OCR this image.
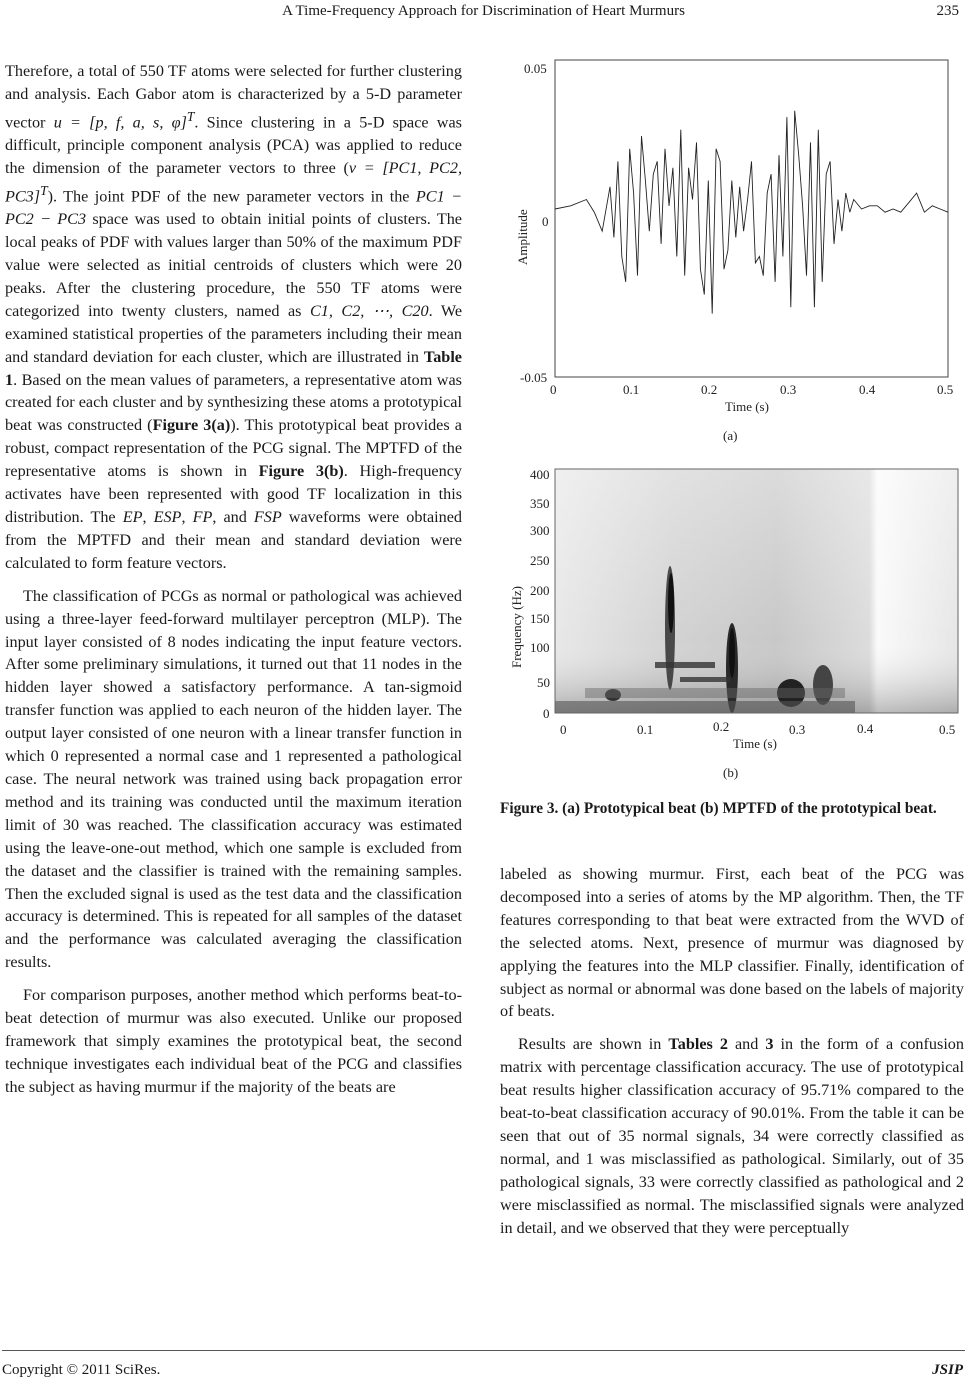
A Time-Frequency Approach for Discrimination of Heart Murmurs	235

Therefore, a total of 550 TF atoms were selected for further clustering and analysis. Each Gabor atom is characterized by a 5-D parameter vector u = [p, f, a, s, φ]$^T$. Since clustering in a 5-D space was difficult, principle component analysis (PCA) was applied to reduce the dimension of the parameter vectors to three (v = [PC1, PC2, PC3]$^T$). The joint PDF of the new parameter vectors in the PC1 − PC2 − PC3 space was used to obtain initial points of clusters. The local peaks of PDF with values larger than 50% of the maximum PDF value were selected as initial centroids of clusters which were 20 peaks. After the clustering procedure, the 550 TF atoms were categorized into twenty clusters, named as C1, C2, ⋯, C20. We examined statistical properties of the parameters including their mean and standard deviation for each cluster, which are illustrated in Table 1. Based on the mean values of parameters, a representative atom was created for each cluster and by synthesizing these atoms a prototypical beat was constructed (Figure 3(a)). This prototypical beat provides a robust, compact representation of the PCG signal. The MPTFD of the representative atoms is shown in Figure 3(b). High-frequency activates have been represented with good TF localization in this distribution. The EP, ESP, FP, and FSP waveforms were obtained from the MPTFD and their mean and standard deviation were calculated to form feature vectors.

The classification of PCGs as normal or pathological was achieved using a three-layer feed-forward multilayer perceptron (MLP). The input layer consisted of 8 nodes indicating the input feature vectors. After some preliminary simulations, it turned out that 11 nodes in the hidden layer showed a satisfactory performance. A tan-sigmoid transfer function was applied to each neuron of the hidden layer. The output layer consisted of one neuron with a linear transfer function in which 0 represented a normal case and 1 represented a pathological case. The neural network was trained using back propagation error method and its training was conducted until the maximum iteration limit of 30 was reached. The classification accuracy was estimated using the leave-one-out method, which one sample is excluded from the dataset and the classifier is trained with the remaining samples. Then the excluded signal is used as the test data and the classification accuracy is determined. This is repeated for all samples of the dataset and the performance was calculated averaging the classification results.

For comparison purposes, another method which performs beat-to-beat detection of murmur was also executed. Unlike our proposed framework that simply examines the prototypical beat, the second technique investigates each individual beat of the PCG and classifies the subject as having murmur if the majority of the beats are

0.05
0
-0.05
0	0.1	0.2	0.3	0.4	0.5
Time (s)
Amplitude
(a)
400
350
300
250
200
150
100
50
0
0	0.1	0.2	0.3	0.4	0.5
Time (s)
Frequency (Hz)
(b)
Figure 3. (a) Prototypical beat (b) MPTFD of the prototypical beat.

labeled as showing murmur. First, each beat of the PCG was decomposed into a series of atoms by the MP algorithm. Then, the TF features corresponding to that beat were extracted from the WVD of the selected atoms. Next, presence of murmur was diagnosed by applying the features into the MLP classifier. Finally, identification of subject as normal or abnormal was done based on the labels of majority of beats.

Results are shown in Tables 2 and 3 in the form of a confusion matrix with percentage classification accuracy. The use of prototypical beat results higher classification accuracy of 95.71% compared to the beat-to-beat classification accuracy of 90.01%. From the table it can be seen that out of 35 normal signals, 34 were correctly classified as normal, and 1 was misclassified as pathological. Similarly, out of 35 pathological signals, 33 were correctly classified as pathological and 2 were misclassified as normal. The misclassified signals were analyzed in detail, and we observed that they were perceptually

Copyright © 2011 SciRes.	JSIP
